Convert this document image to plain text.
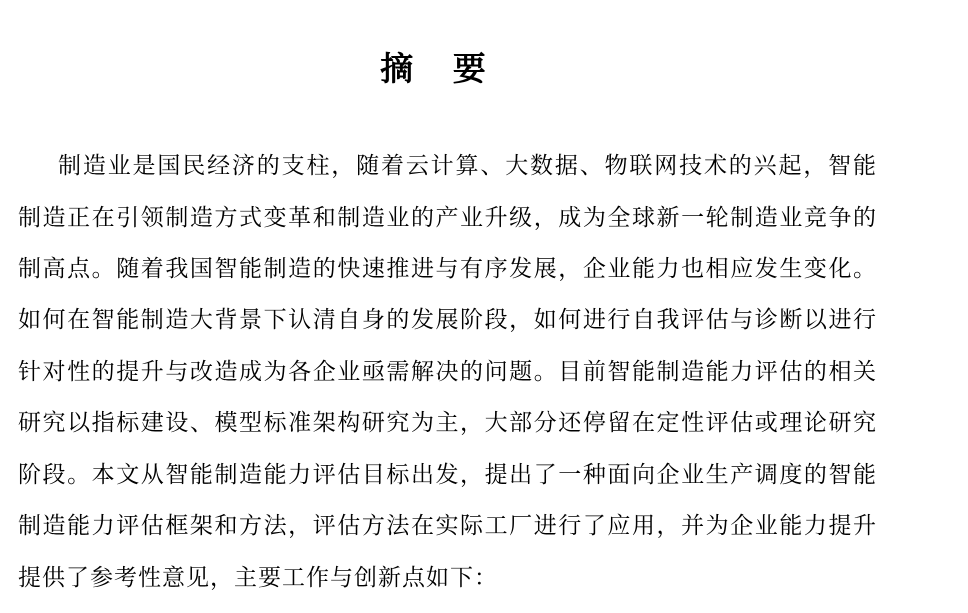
摘 要
制造业是国民经济的支柱，随着云计算、大数据、物联网技术的兴起，智能
制造正在引领制造方式变革和制造业的产业升级，成为全球新一轮制造业竞争的
制高点。随着我国智能制造的快速推进与有序发展，企业能力也相应发生变化。
如何在智能制造大背景下认清自身的发展阶段，如何进行自我评估与诊断以进行
针对性的提升与改造成为各企业亟需解决的问题。目前智能制造能力评估的相关
研究以指标建设、模型标准架构研究为主，大部分还停留在定性评估或理论研究
阶段。本文从智能制造能力评估目标出发，提出了一种面向企业生产调度的智能
制造能力评估框架和方法，评估方法在实际工厂进行了应用，并为企业能力提升
提供了参考性意见，主要工作与创新点如下：
